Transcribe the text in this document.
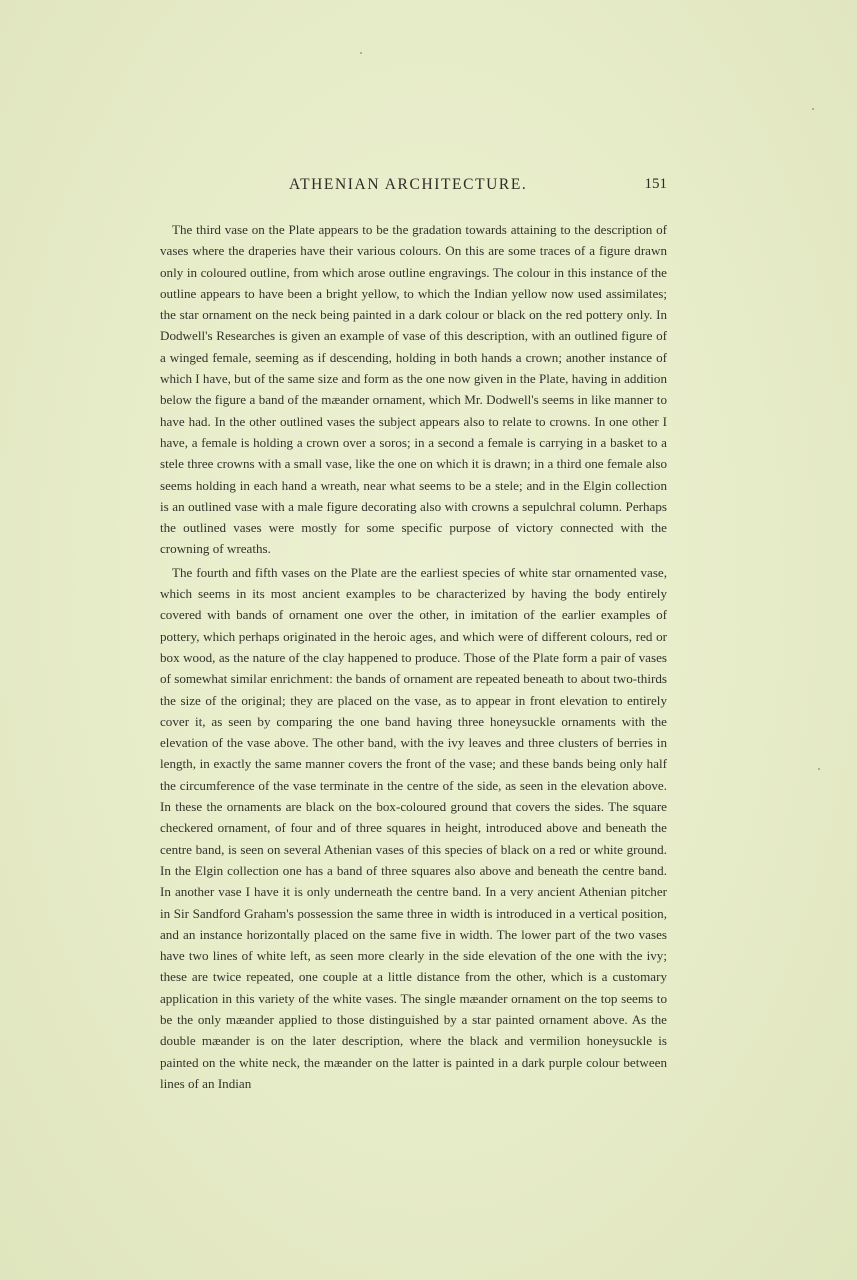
ATHENIAN ARCHITECTURE.	151

The third vase on the Plate appears to be the gradation towards attaining to the description of vases where the draperies have their various colours. On this are some traces of a figure drawn only in coloured outline, from which arose outline engravings. The colour in this instance of the outline appears to have been a bright yellow, to which the Indian yellow now used assimilates; the star ornament on the neck being painted in a dark colour or black on the red pottery only. In Dodwell's Researches is given an example of vase of this description, with an outlined figure of a winged female, seeming as if descending, holding in both hands a crown; another instance of which I have, but of the same size and form as the one now given in the Plate, having in addition below the figure a band of the mæander ornament, which Mr. Dodwell's seems in like manner to have had. In the other outlined vases the subject appears also to relate to crowns. In one other I have, a female is holding a crown over a soros; in a second a female is carrying in a basket to a stele three crowns with a small vase, like the one on which it is drawn; in a third one female also seems holding in each hand a wreath, near what seems to be a stele; and in the Elgin collection is an outlined vase with a male figure decorating also with crowns a sepulchral column. Perhaps the outlined vases were mostly for some specific purpose of victory connected with the crowning of wreaths.

The fourth and fifth vases on the Plate are the earliest species of white star ornamented vase, which seems in its most ancient examples to be characterized by having the body entirely covered with bands of ornament one over the other, in imitation of the earlier examples of pottery, which perhaps originated in the heroic ages, and which were of different colours, red or box wood, as the nature of the clay happened to produce. Those of the Plate form a pair of vases of somewhat similar enrichment: the bands of ornament are repeated beneath to about two-thirds the size of the original; they are placed on the vase, as to appear in front elevation to entirely cover it, as seen by comparing the one band having three honeysuckle ornaments with the elevation of the vase above. The other band, with the ivy leaves and three clusters of berries in length, in exactly the same manner covers the front of the vase; and these bands being only half the circumference of the vase terminate in the centre of the side, as seen in the elevation above. In these the ornaments are black on the box-coloured ground that covers the sides. The square checkered ornament, of four and of three squares in height, introduced above and beneath the centre band, is seen on several Athenian vases of this species of black on a red or white ground. In the Elgin collection one has a band of three squares also above and beneath the centre band. In another vase I have it is only underneath the centre band. In a very ancient Athenian pitcher in Sir Sandford Graham's possession the same three in width is introduced in a vertical position, and an instance horizontally placed on the same five in width. The lower part of the two vases have two lines of white left, as seen more clearly in the side elevation of the one with the ivy; these are twice repeated, one couple at a little distance from the other, which is a customary application in this variety of the white vases. The single mæander ornament on the top seems to be the only mæander applied to those distinguished by a star painted ornament above. As the double mæander is on the later description, where the black and vermilion honeysuckle is painted on the white neck, the mæander on the latter is painted in a dark purple colour between lines of an Indian
